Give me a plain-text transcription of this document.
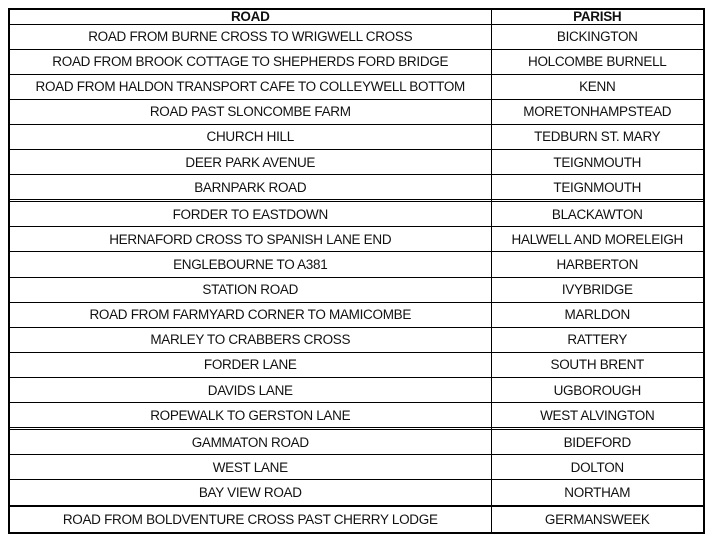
ROAD	PARISH
ROAD FROM BURNE CROSS TO WRIGWELL CROSS	BICKINGTON
ROAD FROM BROOK COTTAGE TO SHEPHERDS FORD BRIDGE	HOLCOMBE BURNELL
ROAD FROM HALDON TRANSPORT CAFE TO COLLEYWELL BOTTOM	KENN
ROAD PAST SLONCOMBE FARM	MORETONHAMPSTEAD
CHURCH HILL	TEDBURN ST. MARY
DEER PARK AVENUE	TEIGNMOUTH
BARNPARK ROAD	TEIGNMOUTH

FORDER TO EASTDOWN	BLACKAWTON
HERNAFORD CROSS TO SPANISH LANE END	HALWELL AND MORELEIGH
ENGLEBOURNE TO A381	HARBERTON
STATION ROAD	IVYBRIDGE
ROAD FROM FARMYARD CORNER TO MAMICOMBE	MARLDON
MARLEY TO CRABBERS CROSS	RATTERY
FORDER LANE	SOUTH BRENT
DAVIDS LANE	UGBOROUGH
ROPEWALK TO GERSTON LANE	WEST ALVINGTON

GAMMATON ROAD	BIDEFORD
WEST LANE	DOLTON
BAY VIEW ROAD	NORTHAM

ROAD FROM BOLDVENTURE CROSS PAST CHERRY LODGE	GERMANSWEEK
